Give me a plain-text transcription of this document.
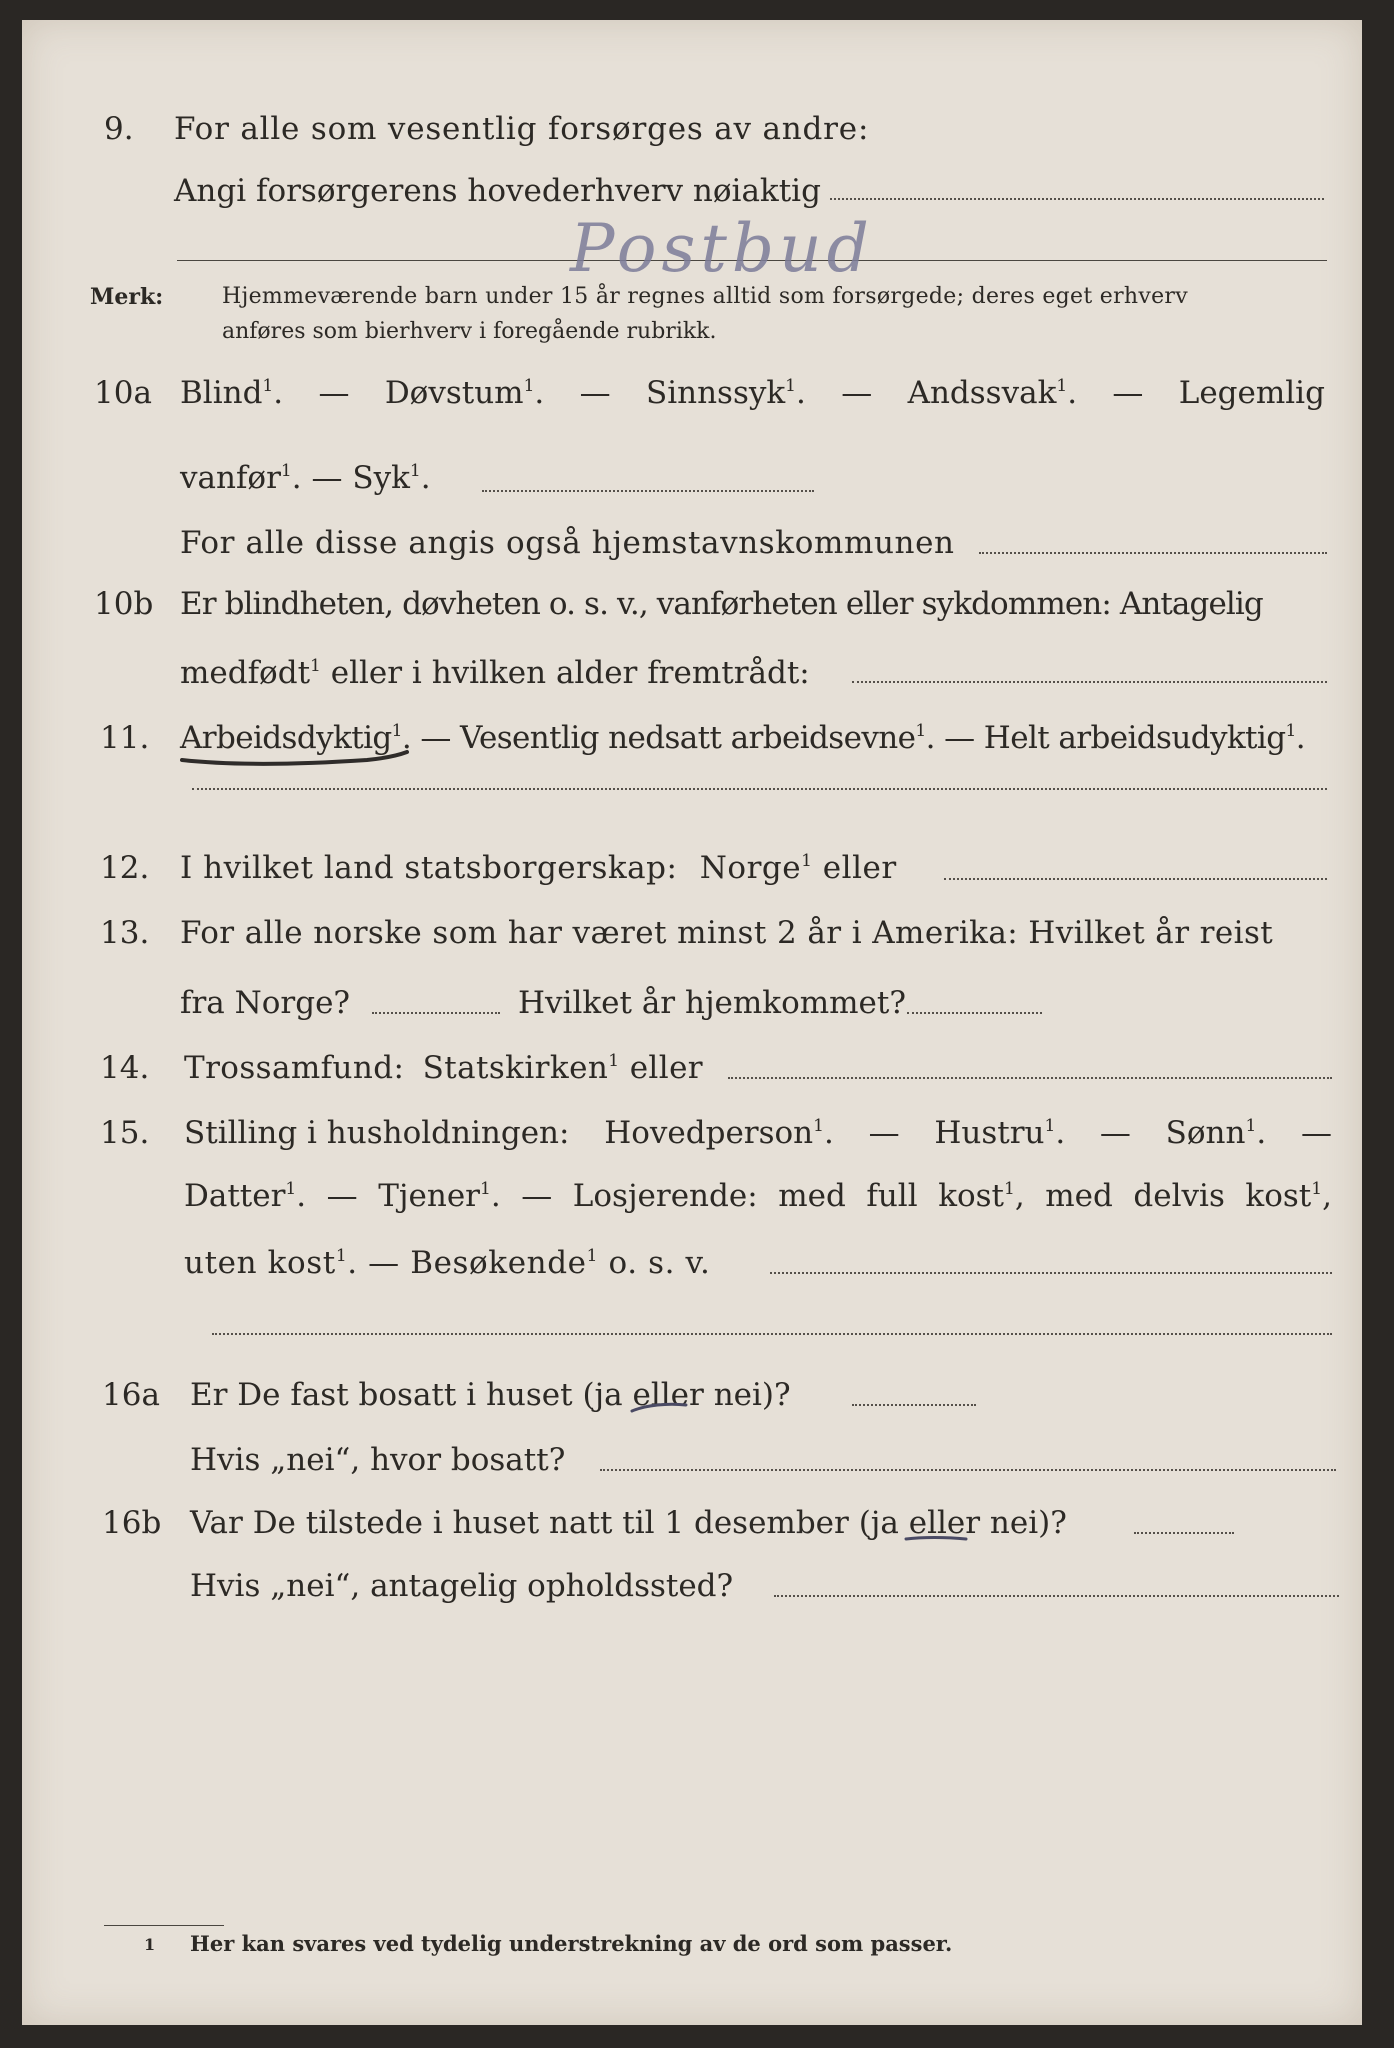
9. For alle som vesentlig forsørges av andre:
Angi forsørgerens hovederhverv nøiaktig
Postbud
Merk:	Hjemmeværende barn under 15 år regnes alltid som forsørgede; deres eget erhverv
anføres som bierhverv i foregående rubrikk.
10a Blind$^1$. — Døvstum$^1$. — Sinnssyk$^1$. — Andssvak$^1$. — Legemlig
vanfør$^1$. — Syk$^1$.
For alle disse angis også hjemstavnskommunen
10b Er blindheten, døvheten o. s. v., vanførheten eller sykdommen: Antagelig
medfødt$^1$ eller i hvilken alder fremtrådt:
11. Arbeidsdyktig$^1$. — Vesentlig nedsatt arbeidsevne$^1$. — Helt arbeidsudyktig$^1$.
12. I hvilket land statsborgerskap: Norge$^1$ eller
13. For alle norske som har været minst 2 år i Amerika: Hvilket år reist
fra Norge?	Hvilket år hjemkommet?
14. Trossamfund: Statskirken$^1$ eller
15. Stilling i husholdningen: Hovedperson$^1$. — Hustru$^1$. — Sønn$^1$. —
Datter$^1$. — Tjener$^1$. — Losjerende: med full kost$^1$, med delvis kost$^1$,
uten kost$^1$. — Besøkende$^1$ o. s. v.
16a Er De fast bosatt i huset (ja eller nei)?
Hvis „nei“, hvor bosatt?
16b Var De tilstede i huset natt til 1 desember (ja eller nei)?
Hvis „nei“, antagelig opholdssted?
1 Her kan svares ved tydelig understrekning av de ord som passer.
